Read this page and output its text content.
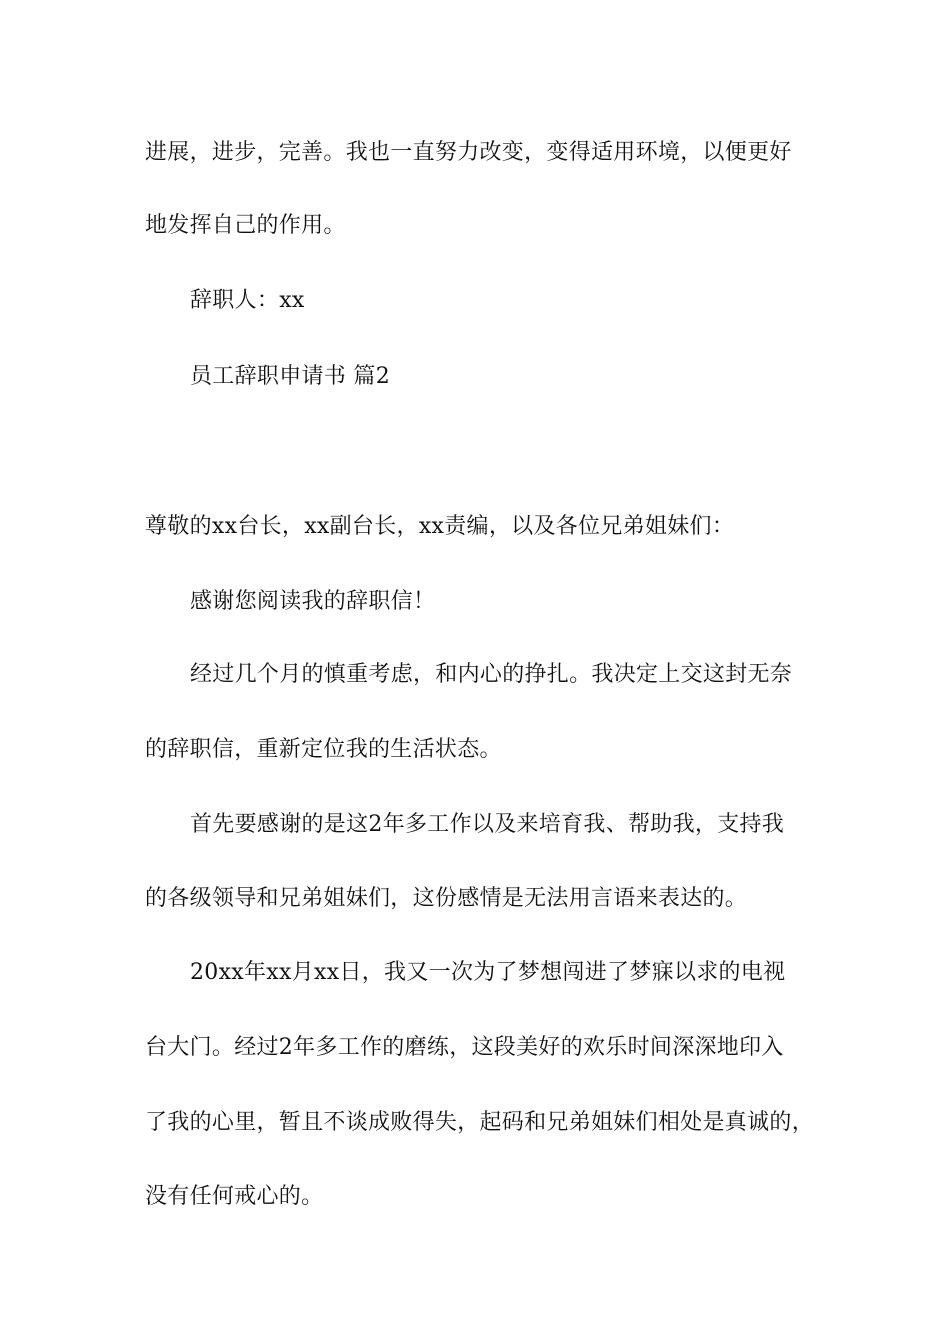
进展，进步，完善。我也一直努力改变，变得适用环境，以便更好
地发挥自己的作用。
辞职人：xx
员工辞职申请书 篇2
尊敬的xx台长，xx副台长，xx责编，以及各位兄弟姐妹们：
感谢您阅读我的辞职信！
经过几个月的慎重考虑，和内心的挣扎。我决定上交这封无奈
的辞职信，重新定位我的生活状态。
首先要感谢的是这2年多工作以及来培育我、帮助我，支持我
的各级领导和兄弟姐妹们，这份感情是无法用言语来表达的。
20xx年xx月xx日，我又一次为了梦想闯进了梦寐以求的电视
台大门。经过2年多工作的磨练，这段美好的欢乐时间深深地印入
了我的心里，暂且不谈成败得失，起码和兄弟姐妹们相处是真诚的，
没有任何戒心的。
